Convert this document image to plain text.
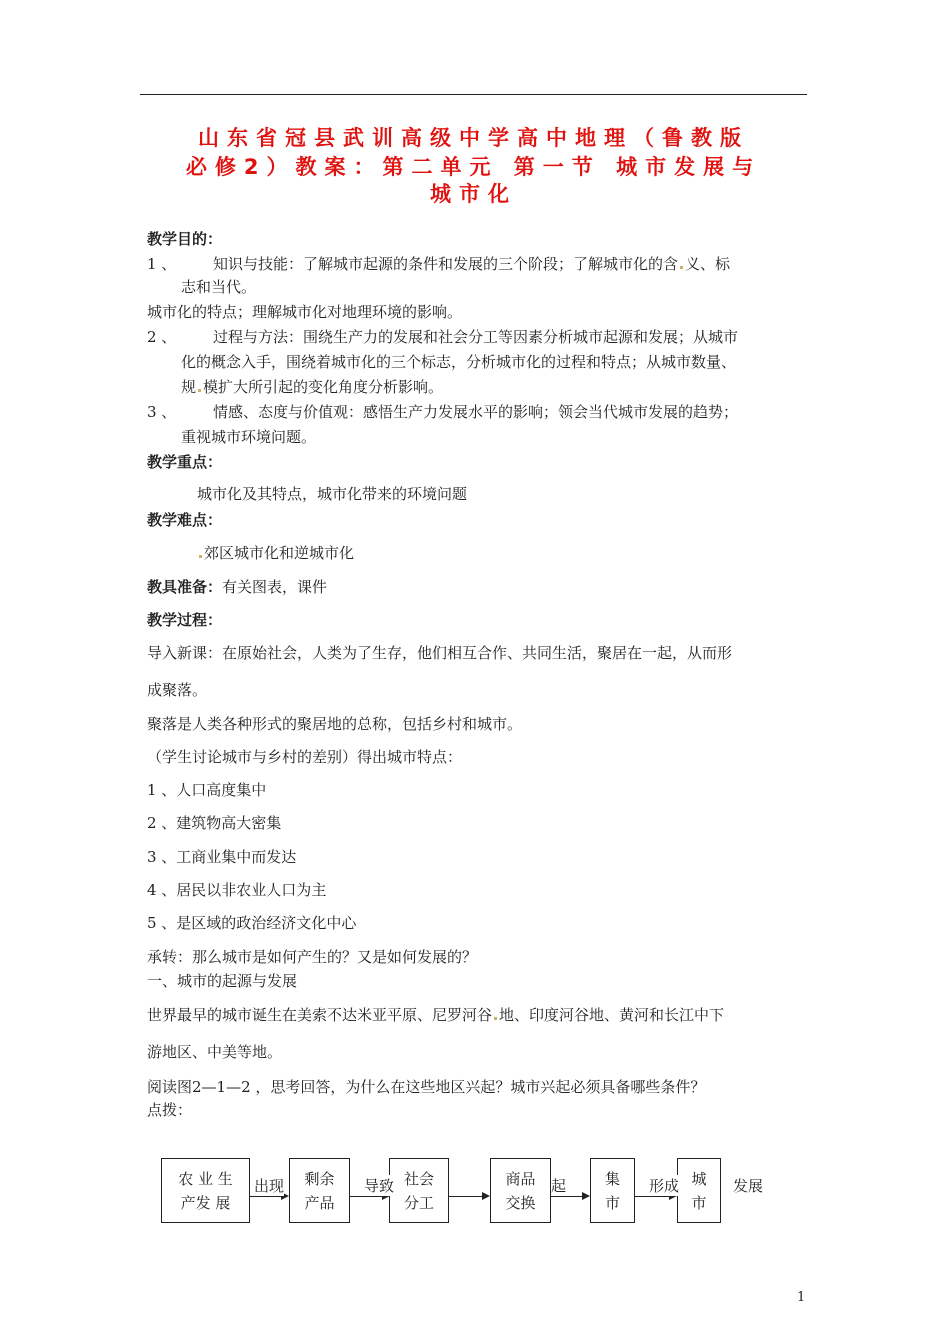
山东省冠县武训高级中学高中地理（鲁教版
必修2）教案：第二单元 第一节 城市发展与
城市化
教学目的：
1 、 知识与技能：了解城市起源的条件和发展的三个阶段；了解城市化的含 义、标
志和当代。
城市化的特点；理解城市化对地理环境的影响。
2 、 过程与方法：围绕生产力的发展和社会分工等因素分析城市起源和发展；从城市
化的概念入手，围绕着城市化的三个标志，分析城市化的过程和特点；从城市数量、
规 模扩大所引起的变化角度分析影响。
3 、 情感、态度与价值观：感悟生产力发展水平的影响；领会当代城市发展的趋势；
重视城市环境问题。
教学重点：
城市化及其特点，城市化带来的环境问题
教学难点：
郊区城市化和逆城市化
教具准备：有关图表，课件
教学过程：
导入新课：在原始社会，人类为了生存，他们相互合作、共同生活，聚居在一起，从而形
成聚落。
聚落是人类各种形式的聚居地的总称，包括乡村和城市。
（学生讨论城市与乡村的差别）得出城市特点：
1 、人口高度集中
2 、建筑物高大密集
3 、工商业集中而发达
4 、居民以非农业人口为主
5 、是区域的政治经济文化中心
承转：那么城市是如何产生的？又是如何发展的？
一、城市的起源与发展
世界最早的城市诞生在美索不达米亚平原、尼罗河谷 地、印度河谷地、黄河和长江中下
游地区、中美等地。
阅读图2—1—2 ，思考回答，为什么在这些地区兴起？城市兴起必须具备哪些条件？
点拨：
农 业 生
产发 展
剩余
产品
社会
分工
商品
交换
集
市
城
市
出现	导致	起	形成	发展
1
